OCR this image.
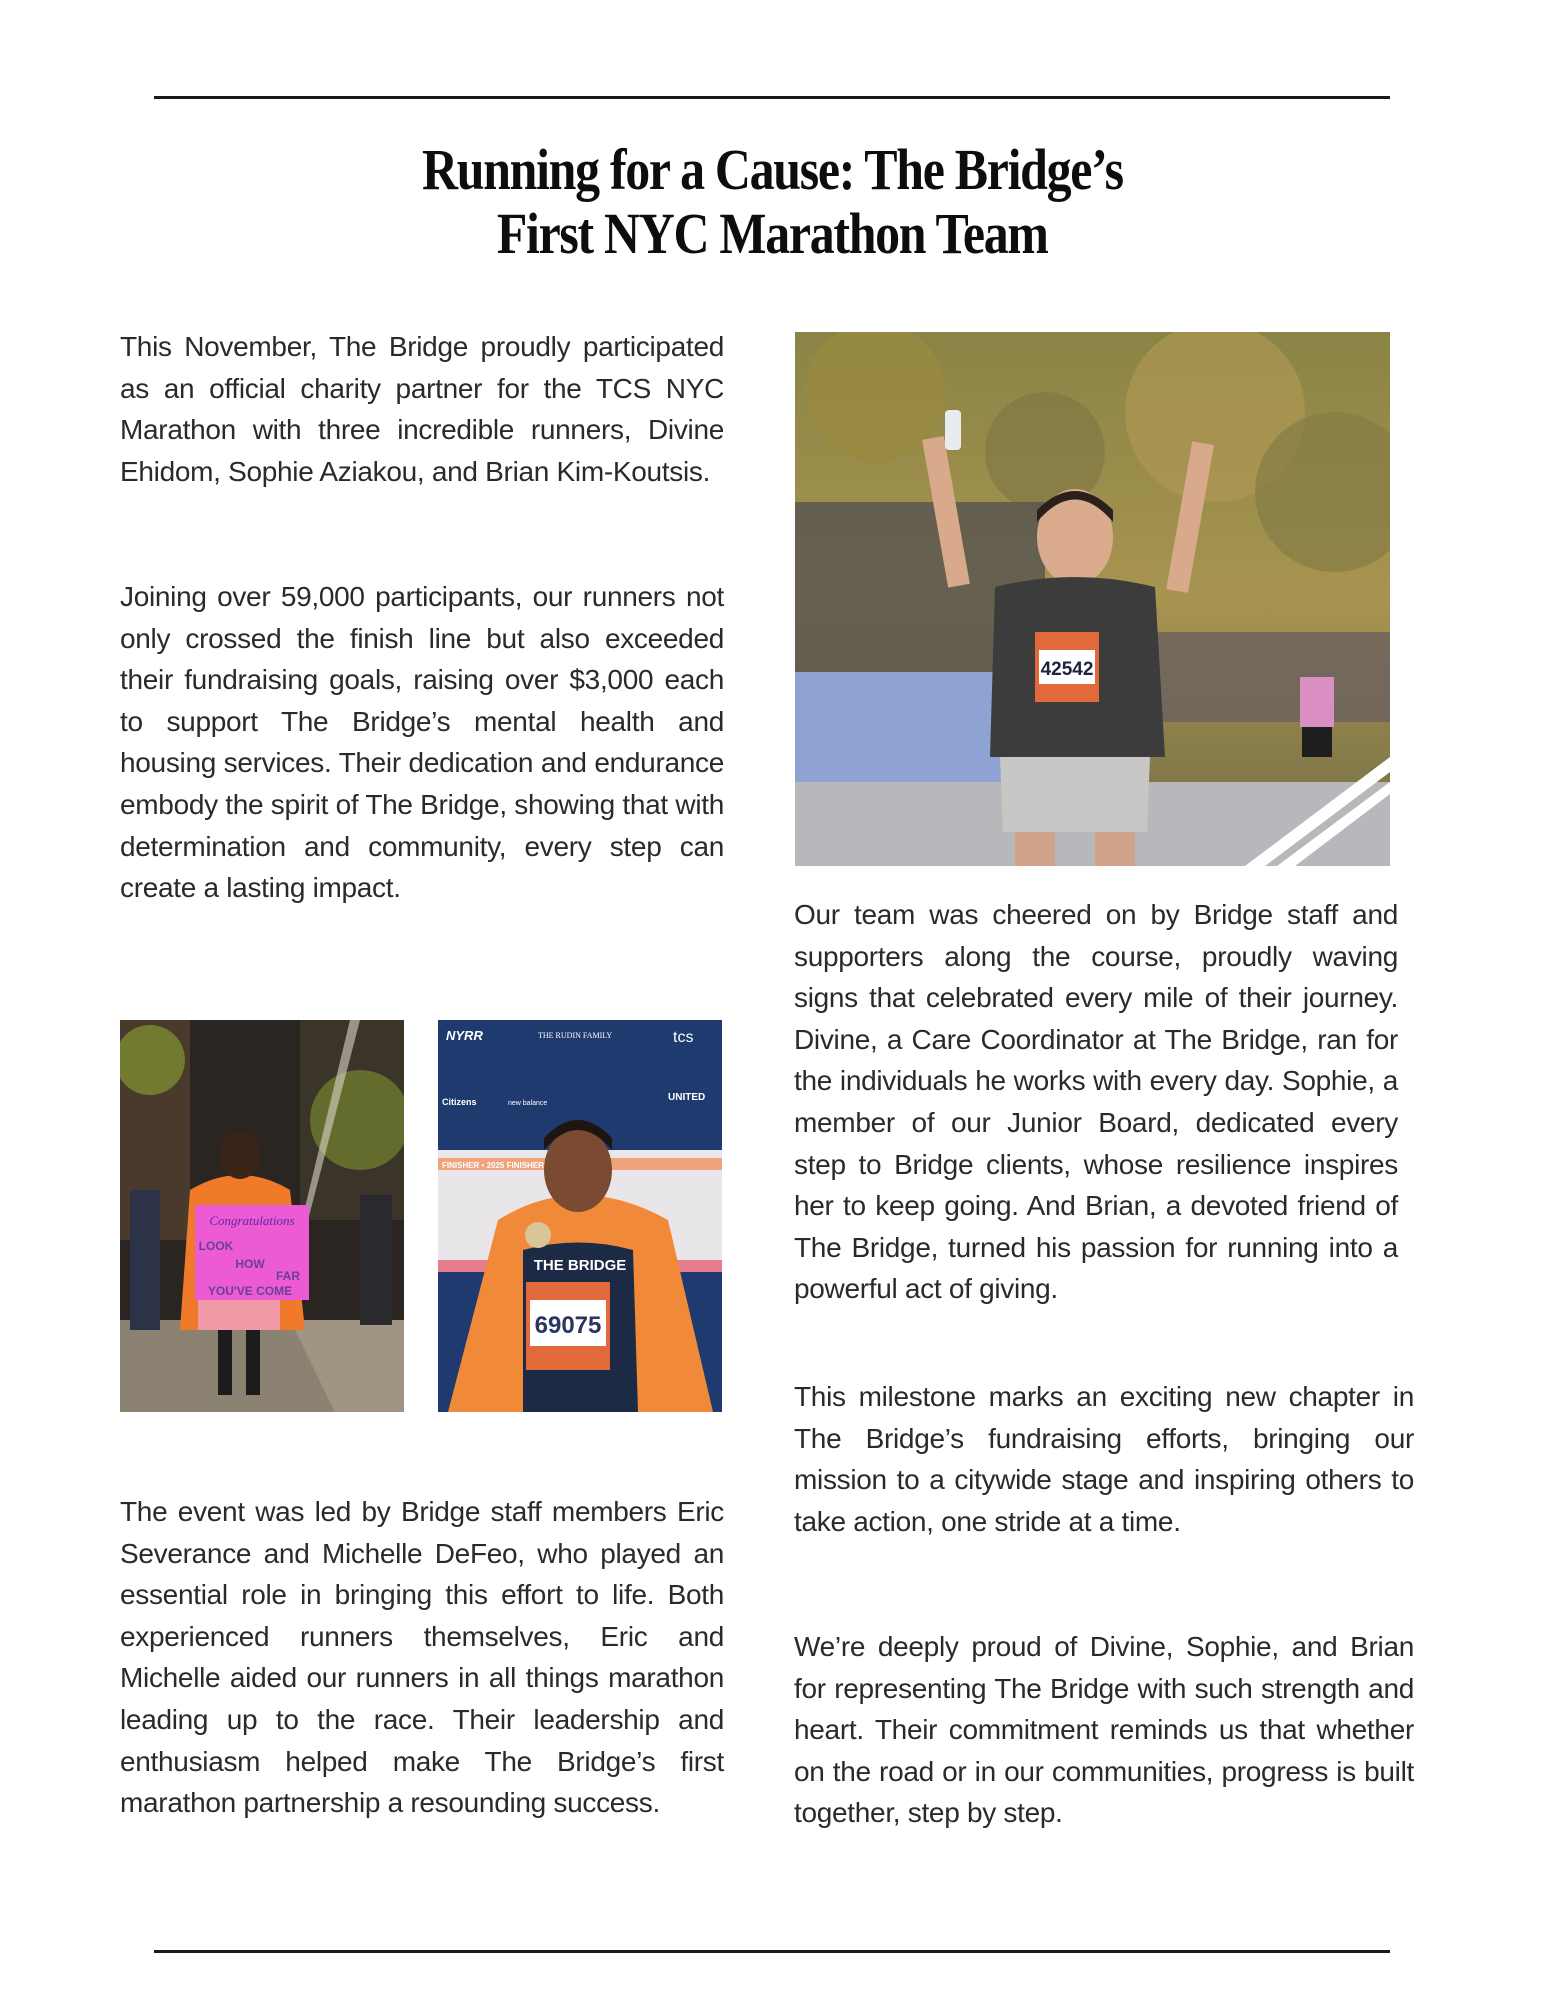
Running for a Cause: The Bridge’s
First NYC Marathon Team

This November, The Bridge proudly participated as an official charity partner for the TCS NYC Marathon with three incredible runners, Divine Ehidom, Sophie Aziakou, and Brian Kim-Koutsis.

Joining over 59,000 participants, our runners not only crossed the finish line but also exceeded their fundraising goals, raising over $3,000 each to support The Bridge’s mental health and housing services. Their dedication and endurance embody the spirit of The Bridge, showing that with determination and community, every step can create a lasting impact.

42542
Congratulations
LOOK
HOW
FAR
YOU'VE COME
NYRR	THE RUDIN FAMILY	tcs
Citizens	new balance
UNITED
FINISHER • 2025 FINISHER
THE BRIDGE
69075

The event was led by Bridge staff members Eric Severance and Michelle DeFeo, who played an essential role in bringing this effort to life. Both experienced runners themselves, Eric and Michelle aided our runners in all things marathon leading up to the race. Their leadership and enthusiasm helped make The Bridge’s first marathon partnership a resounding success.

Our team was cheered on by Bridge staff and supporters along the course, proudly waving signs that celebrated every mile of their journey. Divine, a Care Coordinator at The Bridge, ran for the individuals he works with every day. Sophie, a member of our Junior Board, dedicated every step to Bridge clients, whose resilience inspires her to keep going. And Brian, a devoted friend of The Bridge, turned his passion for running into a powerful act of giving.

This milestone marks an exciting new chapter in The Bridge’s fundraising efforts, bringing our mission to a citywide stage and inspiring others to take action, one stride at a time.

We’re deeply proud of Divine, Sophie, and Brian for representing The Bridge with such strength and heart. Their commitment reminds us that whether on the road or in our communities, progress is built together, step by step.
